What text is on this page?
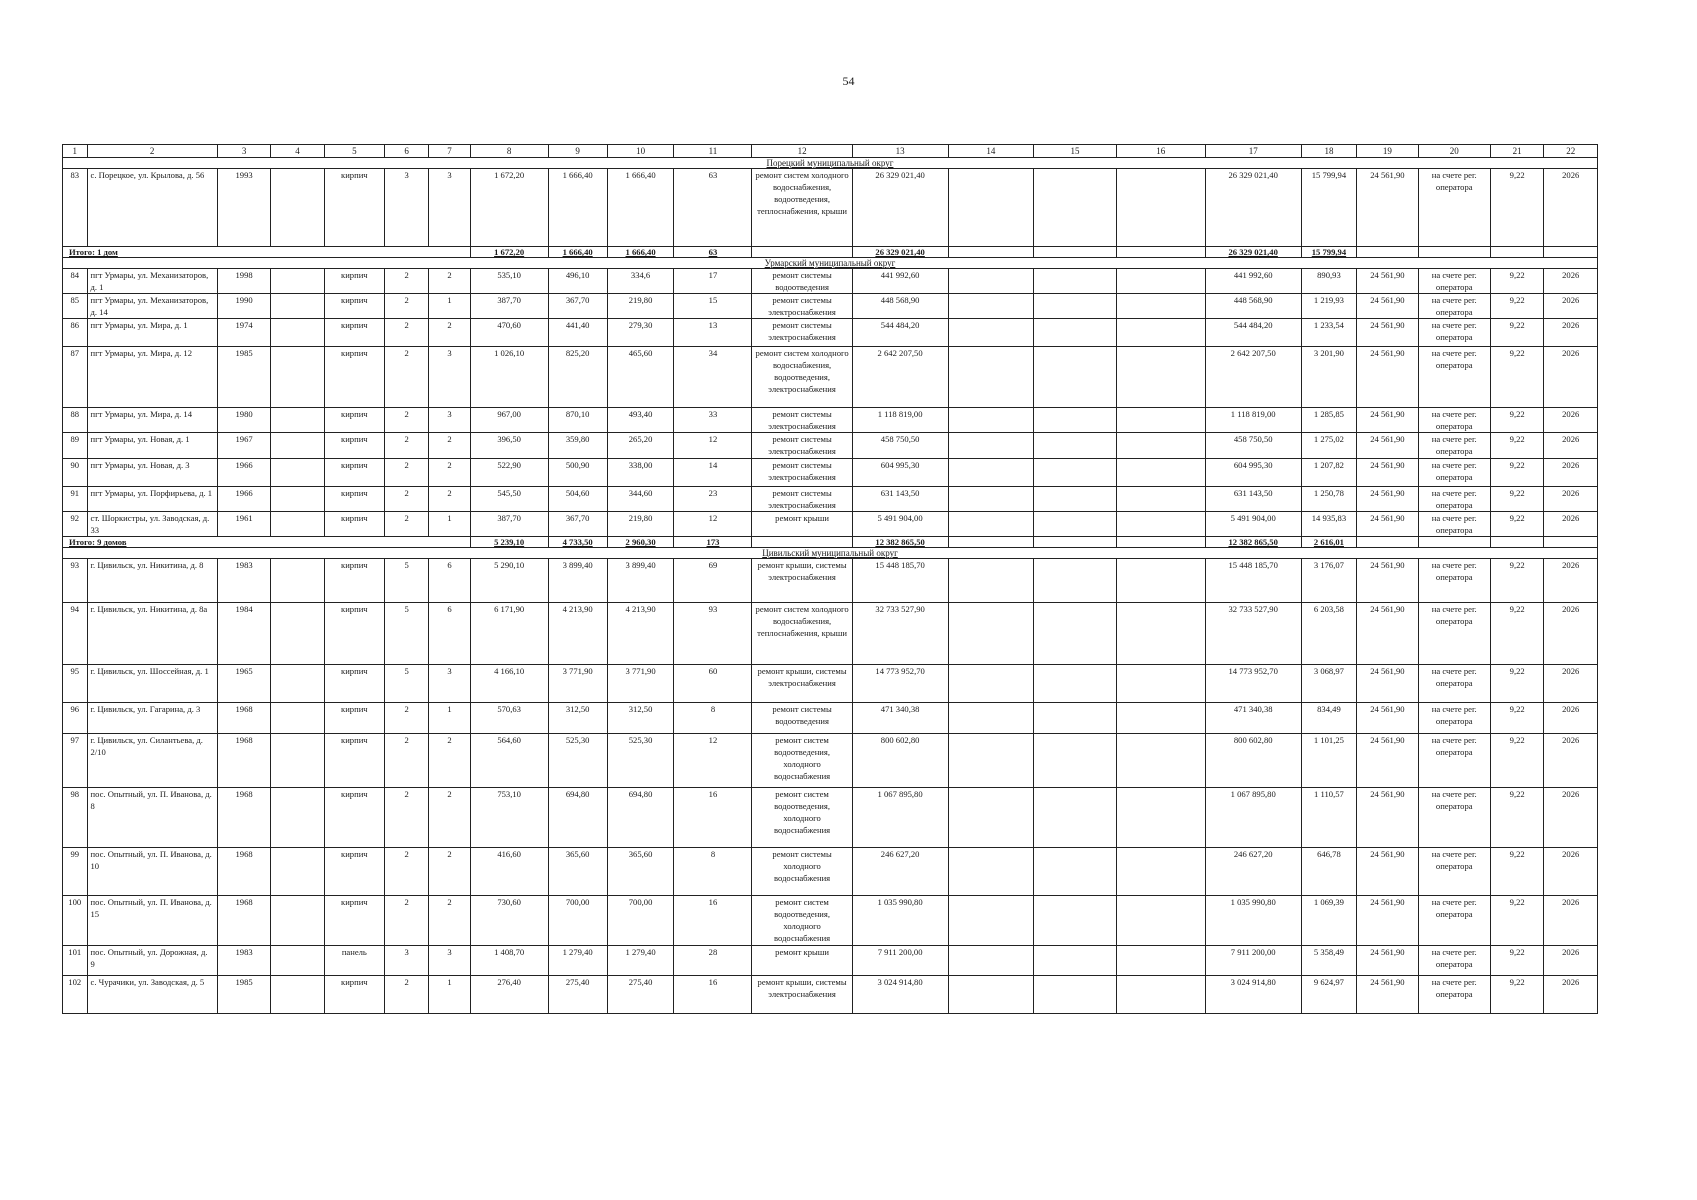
54
1	2	3	4	5	6	7	8	9	10	11	12	13	14	15	16	17	18	19	20	21	22
Порецкий муниципальный округ																					
83	с. Порецкое, ул. Крылова, д. 56	1993		кирпич	3	3	1 672,20	1 666,40	1 666,40	63	ремонт систем холодного водоснабжения, водоотведения, теплоснабжения, крыши	26 329 021,40				26 329 021,40	15 799,94	24 561,90	на счете рег. оператора	9,22	2026
Итого: 1 дом							1 672,20	1 666,40	1 666,40	63		26 329 021,40				26 329 021,40	15 799,94				
Урмарский муниципальный округ																					
84	пгт Урмары, ул. Механизаторов, д. 1	1998		кирпич	2	2	535,10	496,10	334,6	17	ремонт системы водоотведения	441 992,60				441 992,60	890,93	24 561,90	на счете рег. оператора	9,22	2026
85	пгт Урмары, ул. Механизаторов, д. 14	1990		кирпич	2	1	387,70	367,70	219,80	15	ремонт системы электроснабжения	448 568,90				448 568,90	1 219,93	24 561,90	на счете рег. оператора	9,22	2026
86	пгт Урмары, ул. Мира, д. 1	1974		кирпич	2	2	470,60	441,40	279,30	13	ремонт системы электроснабжения	544 484,20				544 484,20	1 233,54	24 561,90	на счете рег. оператора	9,22	2026
87	пгт Урмары, ул. Мира, д. 12	1985		кирпич	2	3	1 026,10	825,20	465,60	34	ремонт систем холодного водоснабжения, водоотведения, электроснабжения	2 642 207,50				2 642 207,50	3 201,90	24 561,90	на счете рег. оператора	9,22	2026
88	пгт Урмары, ул. Мира, д. 14	1980		кирпич	2	3	967,00	870,10	493,40	33	ремонт системы электроснабжения	1 118 819,00				1 118 819,00	1 285,85	24 561,90	на счете рег. оператора	9,22	2026
89	пгт Урмары, ул. Новая, д. 1	1967		кирпич	2	2	396,50	359,80	265,20	12	ремонт системы электроснабжения	458 750,50				458 750,50	1 275,02	24 561,90	на счете рег. оператора	9,22	2026
90	пгт Урмары, ул. Новая, д. 3	1966		кирпич	2	2	522,90	500,90	338,00	14	ремонт системы электроснабжения	604 995,30				604 995,30	1 207,82	24 561,90	на счете рег. оператора	9,22	2026
91	пгт Урмары, ул. Порфирьева, д. 1	1966		кирпич	2	2	545,50	504,60	344,60	23	ремонт системы электроснабжения	631 143,50				631 143,50	1 250,78	24 561,90	на счете рег. оператора	9,22	2026
92	ст. Шоркистры, ул. Заводская, д. 33	1961		кирпич	2	1	387,70	367,70	219,80	12	ремонт крыши	5 491 904,00				5 491 904,00	14 935,83	24 561,90	на счете рег. оператора	9,22	2026
Итого: 9 домов							5 239,10	4 733,50	2 960,30	173		12 382 865,50				12 382 865,50	2 616,01				
Цивильский муниципальный округ																					
93	г. Цивильск, ул. Никитина, д. 8	1983		кирпич	5	6	5 290,10	3 899,40	3 899,40	69	ремонт крыши, системы электроснабжения	15 448 185,70				15 448 185,70	3 176,07	24 561,90	на счете рег. оператора	9,22	2026
94	г. Цивильск, ул. Никитина, д. 8а	1984		кирпич	5	6	6 171,90	4 213,90	4 213,90	93	ремонт систем холодного водоснабжения, теплоснабжения, крыши	32 733 527,90				32 733 527,90	6 203,58	24 561,90	на счете рег. оператора	9,22	2026
95	г. Цивильск, ул. Шоссейная, д. 1	1965		кирпич	5	3	4 166,10	3 771,90	3 771,90	60	ремонт крыши, системы электроснабжения	14 773 952,70				14 773 952,70	3 068,97	24 561,90	на счете рег. оператора	9,22	2026
96	г. Цивильск, ул. Гагарина, д. 3	1968		кирпич	2	1	570,63	312,50	312,50	8	ремонт системы водоотведения	471 340,38				471 340,38	834,49	24 561,90	на счете рег. оператора	9,22	2026
97	г. Цивильск, ул. Силантьева, д. 2/10	1968		кирпич	2	2	564,60	525,30	525,30	12	ремонт систем водоотведения, холодного водоснабжения	800 602,80				800 602,80	1 101,25	24 561,90	на счете рег. оператора	9,22	2026
98	пос. Опытный, ул. П. Иванова, д. 8	1968		кирпич	2	2	753,10	694,80	694,80	16	ремонт систем водоотведения, холодного водоснабжения	1 067 895,80				1 067 895,80	1 110,57	24 561,90	на счете рег. оператора	9,22	2026
99	пос. Опытный, ул. П. Иванова, д. 10	1968		кирпич	2	2	416,60	365,60	365,60	8	ремонт системы холодного водоснабжения	246 627,20				246 627,20	646,78	24 561,90	на счете рег. оператора	9,22	2026
100	пос. Опытный, ул. П. Иванова, д. 15	1968		кирпич	2	2	730,60	700,00	700,00	16	ремонт систем водоотведения, холодного водоснабжения	1 035 990,80				1 035 990,80	1 069,39	24 561,90	на счете рег. оператора	9,22	2026
101	пос. Опытный, ул. Дорожная, д. 9	1983		панель	3	3	1 408,70	1 279,40	1 279,40	28	ремонт крыши	7 911 200,00				7 911 200,00	5 358,49	24 561,90	на счете рег. оператора	9,22	2026
102	с. Чурачики, ул. Заводская, д. 5	1985		кирпич	2	1	276,40	275,40	275,40	16	ремонт крыши, системы электроснабжения	3 024 914,80				3 024 914,80	9 624,97	24 561,90	на счете рег. оператора	9,22	2026
